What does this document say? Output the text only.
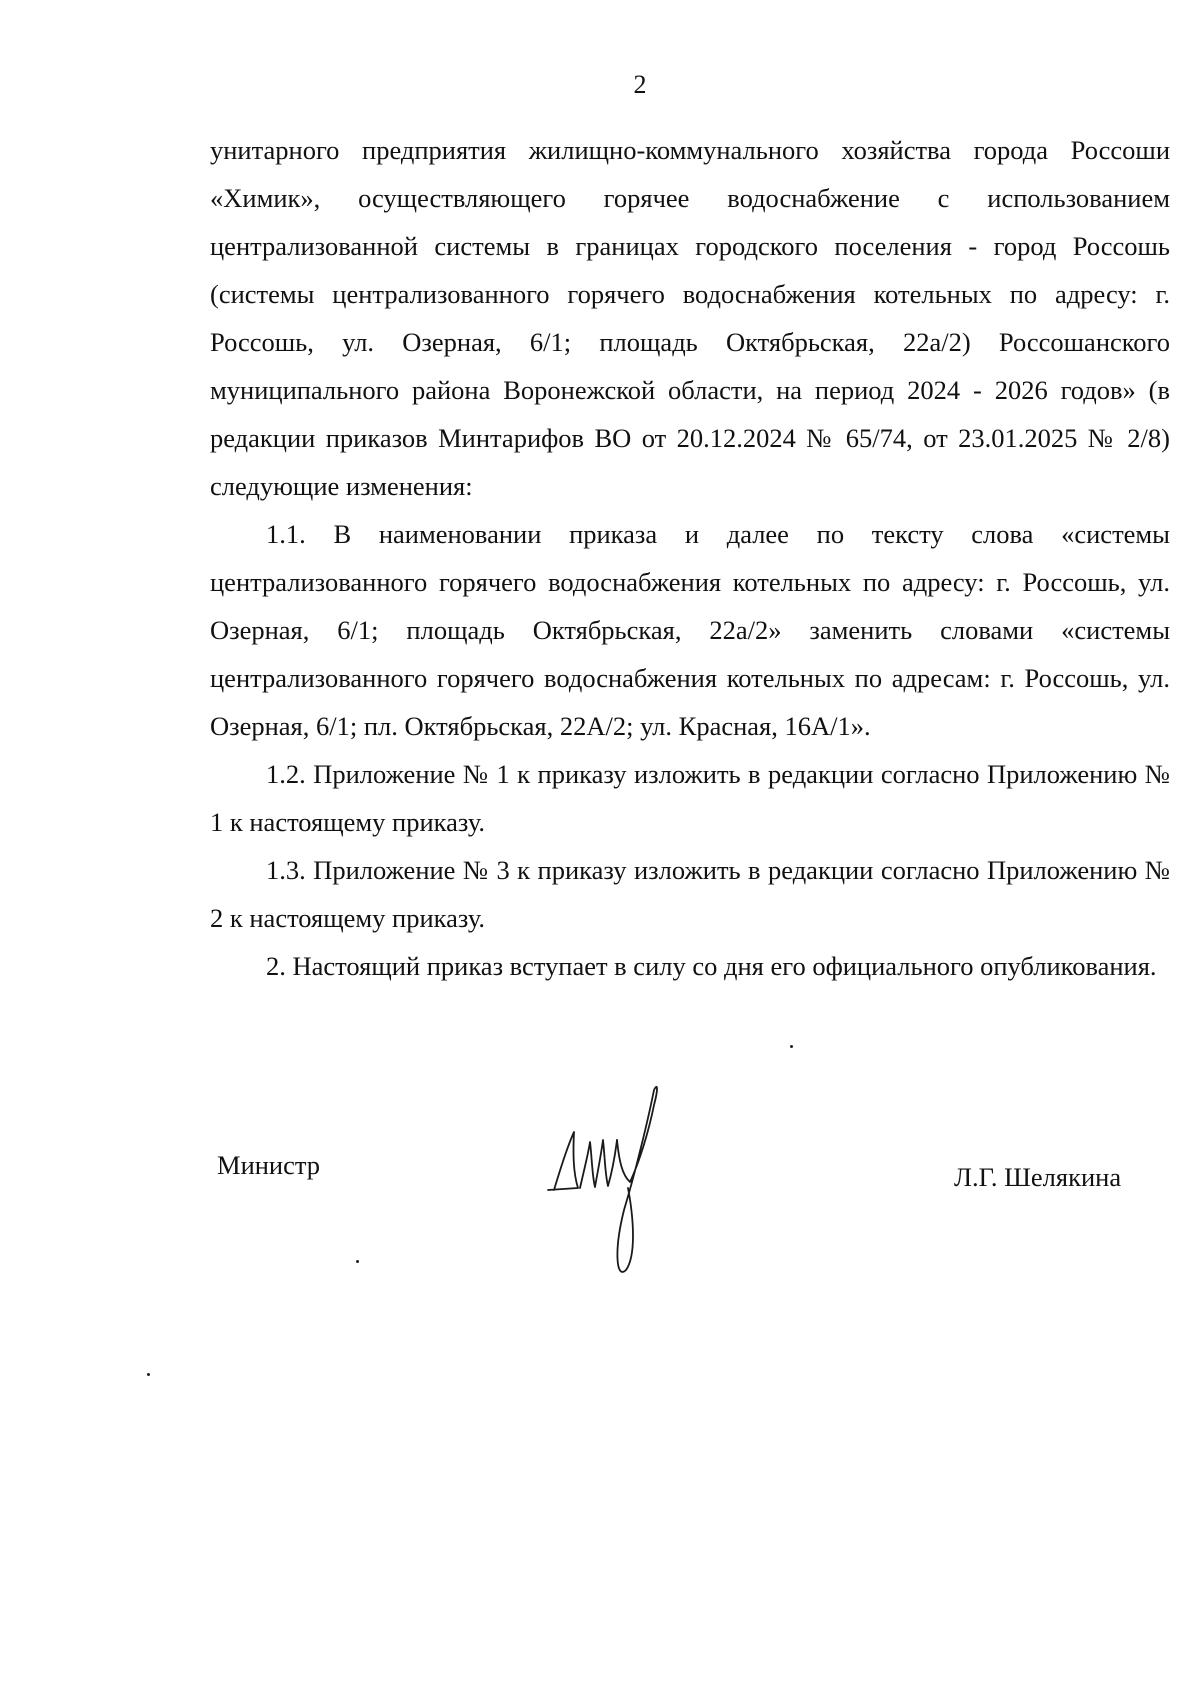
2

унитарного предприятия жилищно-коммунального хозяйства города Россоши «Химик», осуществляющего горячее водоснабжение с использованием централизованной системы в границах городского поселения - город Россошь (системы централизованного горячего водоснабжения котельных по адресу: г. Россошь, ул. Озерная, 6/1; площадь Октябрьская, 22а/2) Россошанского муниципального района Воронежской области, на период 2024 - 2026 годов» (в редакции приказов Минтарифов ВО от 20.12.2024 № 65/74, от 23.01.2025 № 2/8) следующие изменения:

1.1. В наименовании приказа и далее по тексту слова «системы централизованного горячего водоснабжения котельных по адресу: г. Россошь, ул. Озерная, 6/1; площадь Октябрьская, 22а/2» заменить словами «системы централизованного горячего водоснабжения котельных по адресам: г. Россошь, ул. Озерная, 6/1; пл. Октябрьская, 22А/2; ул. Красная, 16А/1».

1.2. Приложение № 1 к приказу изложить в редакции согласно Приложению № 1 к настоящему приказу.

1.3. Приложение № 3 к приказу изложить в редакции согласно Приложению № 2 к настоящему приказу.

2. Настоящий приказ вступает в силу со дня его официального опубликования.

Министр	Л.Г. Шелякина
